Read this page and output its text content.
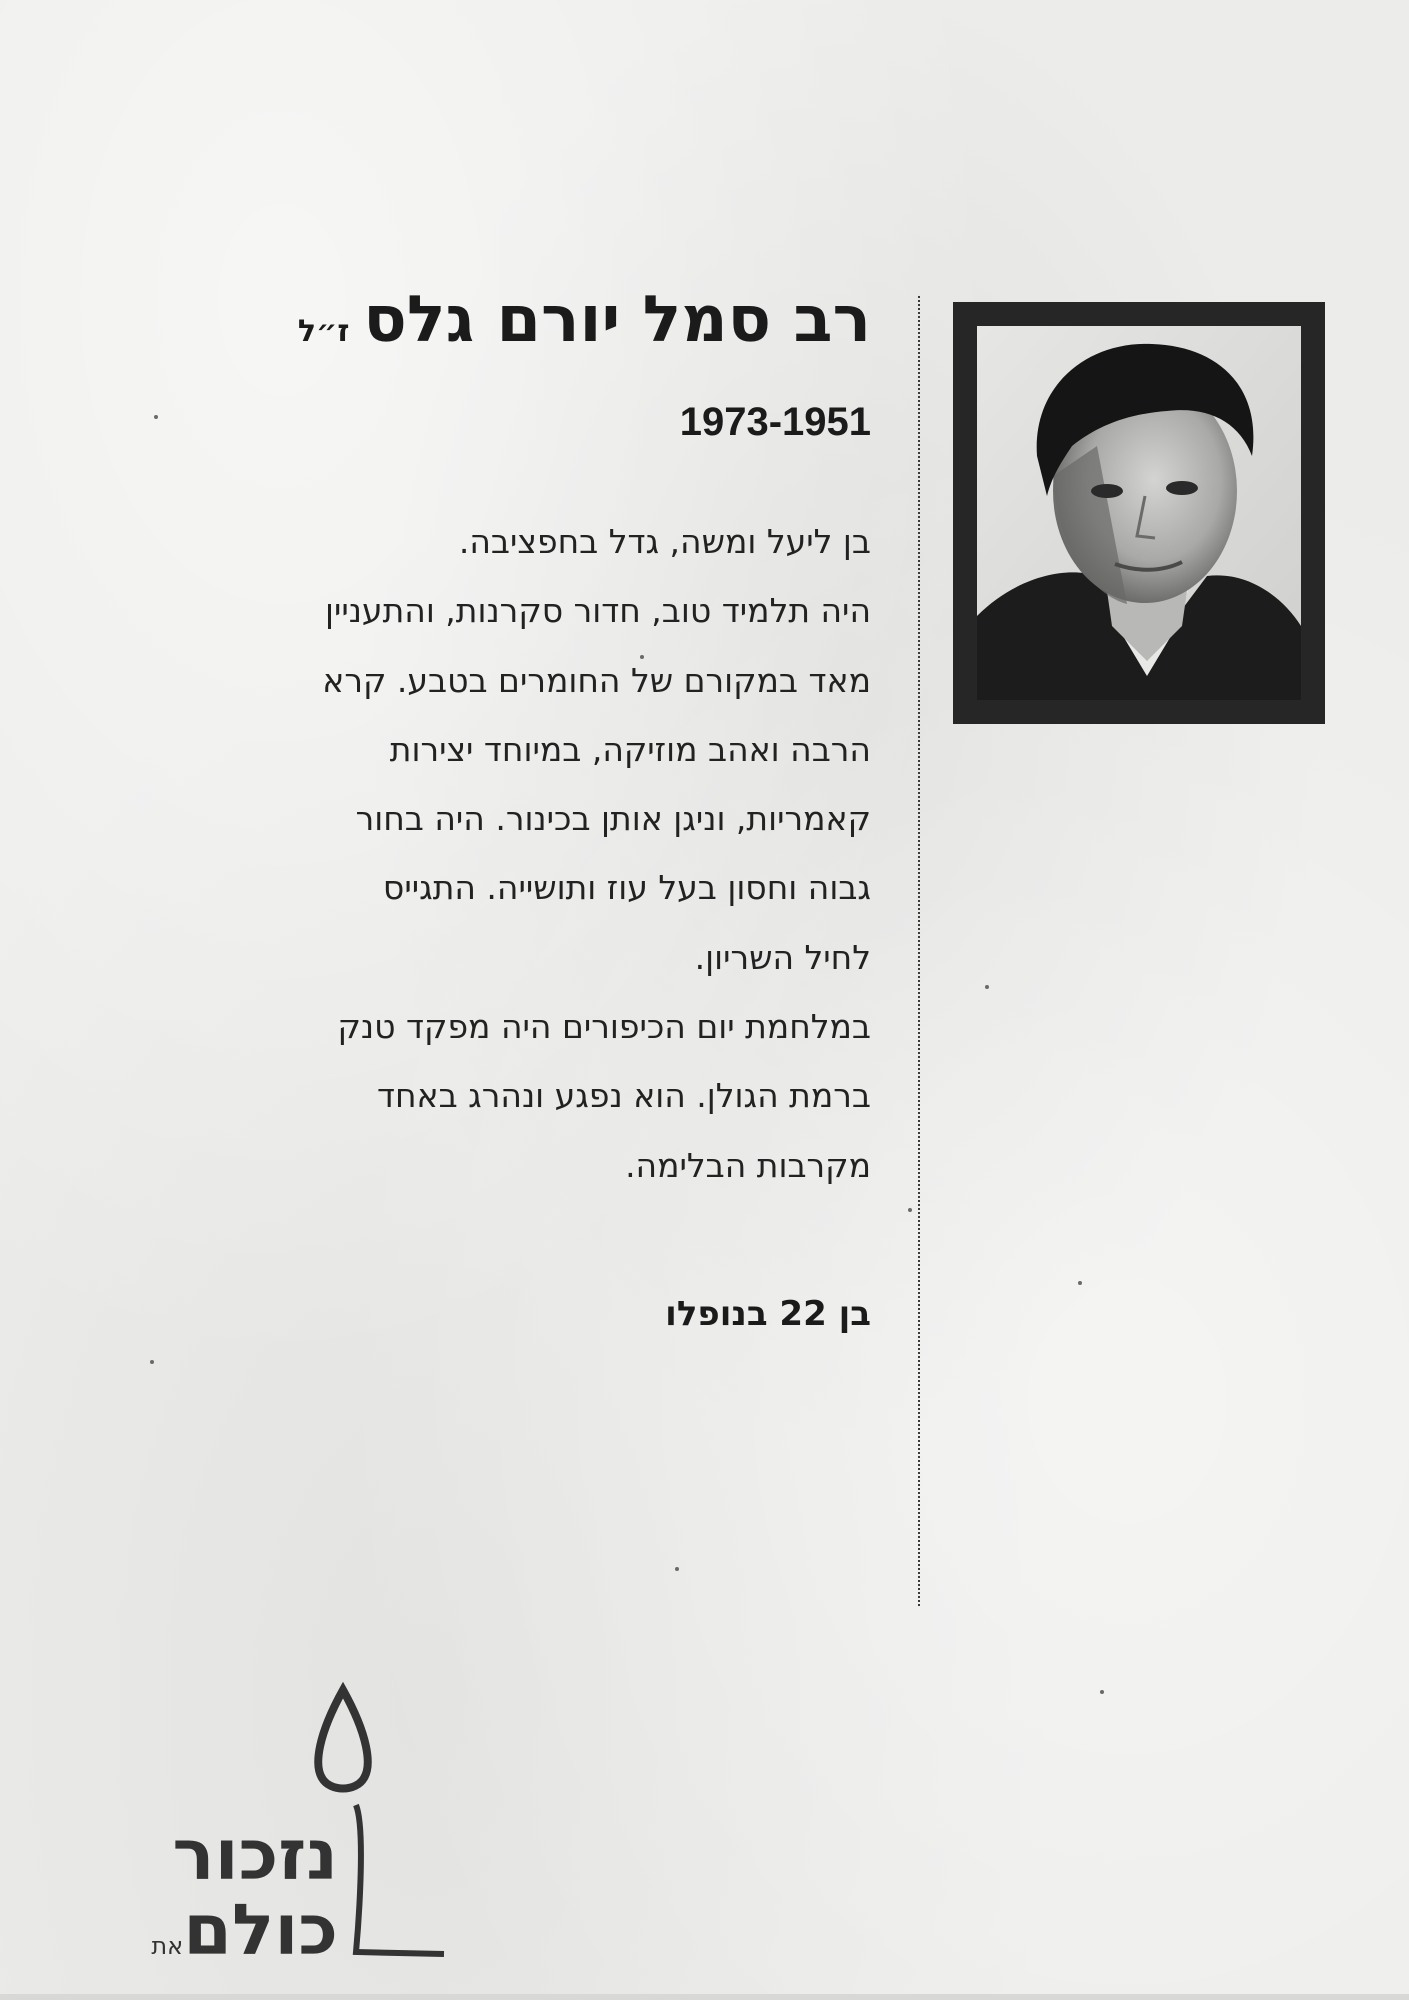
רב סמל יורם גלסז״ל

1973-1951

בן ליעל ומשה, גדל בחפציבה.
היה תלמיד טוב, חדור סקרנות, והתעניין
מאד במקורם של החומרים בטבע. קרא
הרבה ואהב מוזיקה, במיוחד יצירות
קאמריות, וניגן אותן בכינור. היה בחור
גבוה וחסון בעל עוז ותושייה. התגייס
לחיל השריון.
במלחמת יום הכיפורים היה מפקד טנק
ברמת הגולן. הוא נפגע ונהרג באחד
מקרבות הבלימה.

בן 22 בנופלו

נזכור
כולםאת
